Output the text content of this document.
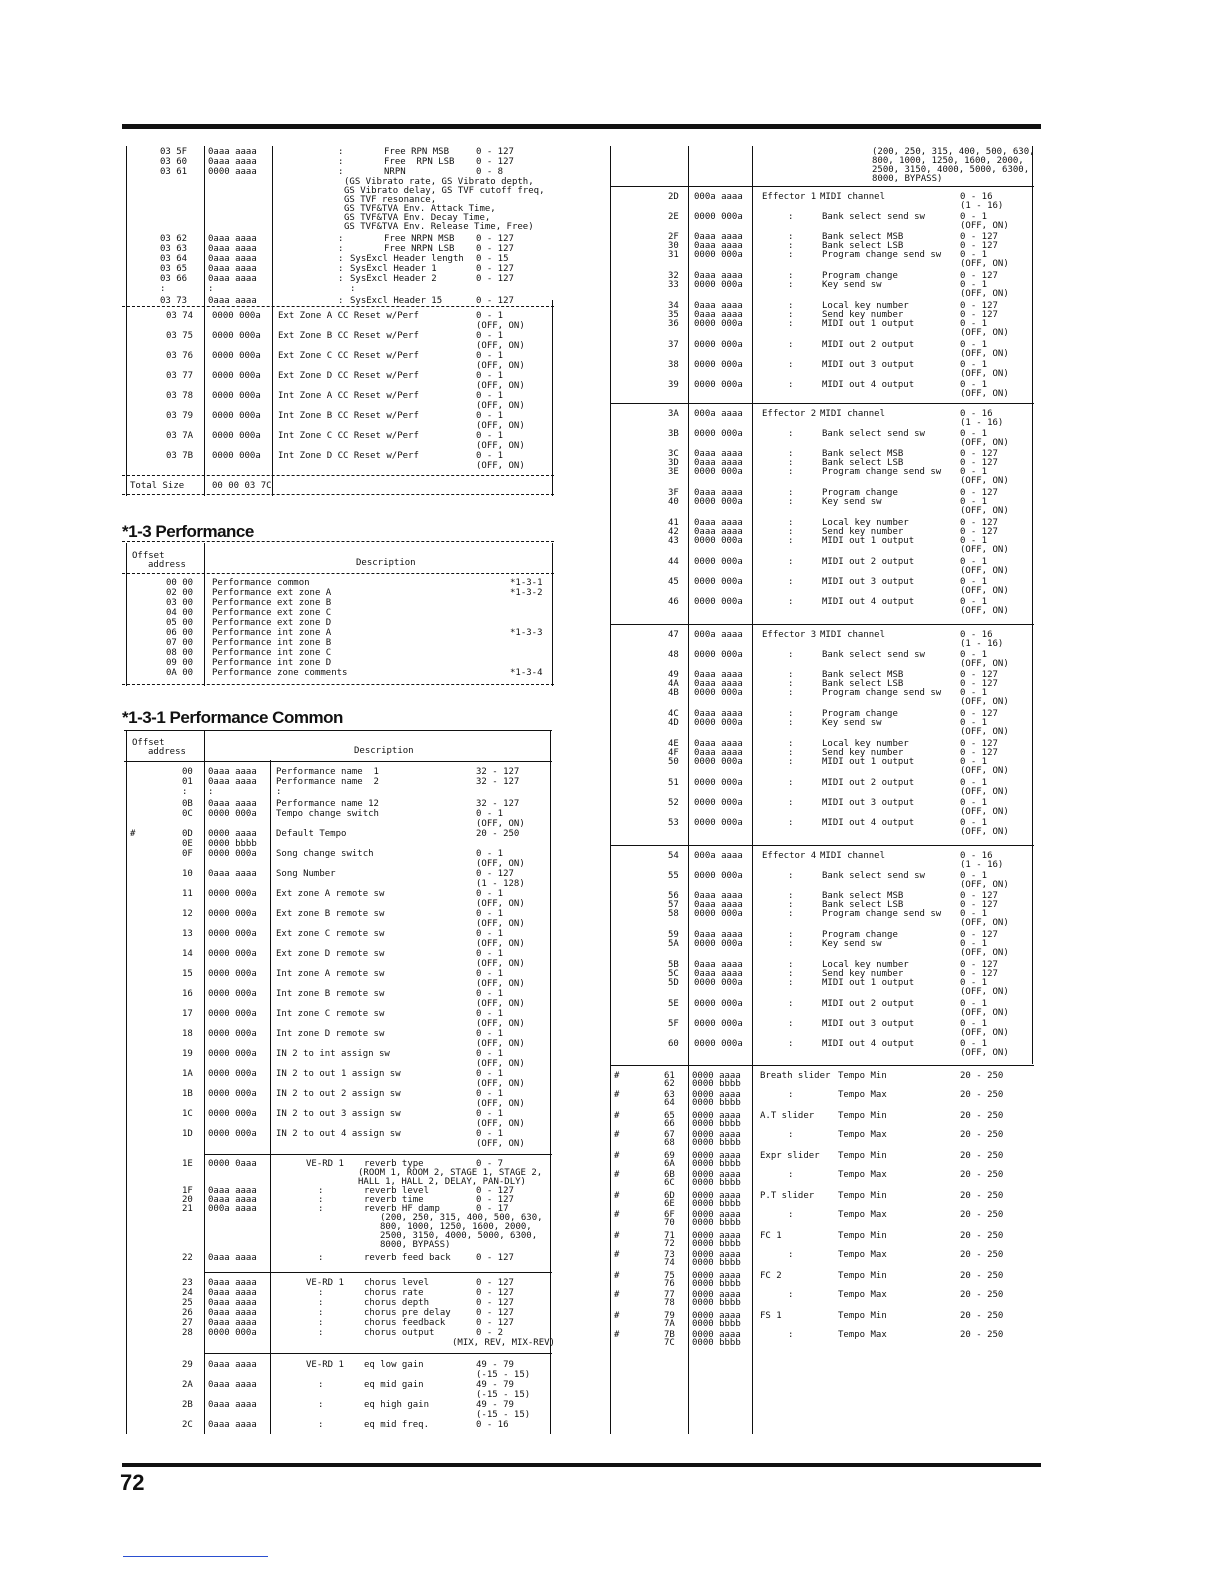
72
03 5F 0aaa aaaa	:	Free RPN MSB	0 - 127
03 60 0aaa aaaa	:	Free  RPN LSB 0 - 127
03 61 0000 aaaa	:	NRPN	0 - 8
(GS Vibrato rate, GS Vibrato depth,
GS Vibrato delay, GS TVF cutoff freq,
GS TVF resonance,
GS TVF&TVA Env. Attack Time,
GS TVF&TVA Env. Decay Time,
GS TVF&TVA Env. Release Time, Free)
03 62 0aaa aaaa	:	Free NRPN MSB 0 - 127
03 63 0aaa aaaa	:	Free NRPN LSB 0 - 127
03 64 0aaa aaaa	: SysExcl Header length 0 - 15
03 65 0aaa aaaa	: SysExcl Header 1	0 - 127
03 66 0aaa aaaa	: SysExcl Header 2	0 - 127
:	:	:
03 73 0aaa aaaa	: SysExcl Header 15	0 - 127
03 74 0000 000a Ext Zone A CC Reset w/Perf	0 - 1
(OFF, ON)
03 75 0000 000a Ext Zone B CC Reset w/Perf	0 - 1
(OFF, ON)
03 76 0000 000a Ext Zone C CC Reset w/Perf	0 - 1
(OFF, ON)
03 77 0000 000a Ext Zone D CC Reset w/Perf	0 - 1
(OFF, ON)
03 78 0000 000a Int Zone A CC Reset w/Perf	0 - 1
(OFF, ON)
03 79 0000 000a Int Zone B CC Reset w/Perf	0 - 1
(OFF, ON)
03 7A 0000 000a Int Zone C CC Reset w/Perf	0 - 1
(OFF, ON)
03 7B 0000 000a Int Zone D CC Reset w/Perf	0 - 1
(OFF, ON)
Total Size	00 00 03 7C
*1-3 Performance
Offset
address	Description
00 00 Performance common	*1-3-1
02 00 Performance ext zone A	*1-3-2
03 00 Performance ext zone B
04 00 Performance ext zone C
05 00 Performance ext zone D
06 00 Performance int zone A	*1-3-3
07 00 Performance int zone B
08 00 Performance int zone C
09 00 Performance int zone D
0A 00 Performance zone comments	*1-3-4
*1-3-1 Performance Common
Offset
address	Description
00 0aaa aaaa Performance name  1	32 - 127
01 0aaa aaaa Performance name  2	32 - 127
: :	:
0B 0aaa aaaa Performance name 12	32 - 127
0C 0000 000a Tempo change switch	0 - 1
(OFF, ON)
#	0D 0000 aaaa Default Tempo	20 - 250
0E 0000 bbbb
0F 0000 000a Song change switch	0 - 1
(OFF, ON)
10 0aaa aaaa Song Number	0 - 127
(1 - 128)
11 0000 000a Ext zone A remote sw	0 - 1
(OFF, ON)
12 0000 000a Ext zone B remote sw	0 - 1
(OFF, ON)
13 0000 000a Ext zone C remote sw	0 - 1
(OFF, ON)
14 0000 000a Ext zone D remote sw	0 - 1
(OFF, ON)
15 0000 000a Int zone A remote sw	0 - 1
(OFF, ON)
16 0000 000a Int zone B remote sw	0 - 1
(OFF, ON)
17 0000 000a Int zone C remote sw	0 - 1
(OFF, ON)
18 0000 000a Int zone D remote sw	0 - 1
(OFF, ON)
19 0000 000a IN 2 to int assign sw	0 - 1
(OFF, ON)
1A 0000 000a IN 2 to out 1 assign sw	0 - 1
(OFF, ON)
1B 0000 000a IN 2 to out 2 assign sw	0 - 1
(OFF, ON)
1C 0000 000a IN 2 to out 3 assign sw	0 - 1
(OFF, ON)
1D 0000 000a IN 2 to out 4 assign sw	0 - 1
(OFF, ON)
1E 0000 0aaa	VE-RD 1 reverb type	0 - 7
(ROOM 1, ROOM 2, STAGE 1, STAGE 2,
HALL 1, HALL 2, DELAY, PAN-DLY)
1F 0aaa aaaa	:	reverb level	0 - 127
20 0aaa aaaa	:	reverb time	0 - 127
21 000a aaaa	:	reverb HF damp	0 - 17
(200, 250, 315, 400, 500, 630,
800, 1000, 1250, 1600, 2000,
2500, 3150, 4000, 5000, 6300,
8000, BYPASS)
22 0aaa aaaa	:	reverb feed back	0 - 127
23 0aaa aaaa	VE-RD 1 chorus level	0 - 127
24 0aaa aaaa	:	chorus rate	0 - 127
25 0aaa aaaa	:	chorus depth	0 - 127
26 0aaa aaaa	:	chorus pre delay	0 - 127
27 0aaa aaaa	:	chorus feedback	0 - 127
28 0000 000a	:	chorus output	0 - 2
(MIX, REV, MIX-REV)
29 0aaa aaaa	VE-RD 1 eq low gain	49 - 79
(-15 - 15)
2A 0aaa aaaa	:	eq mid gain	49 - 79
(-15 - 15)
2B 0aaa aaaa	:	eq high gain	49 - 79
(-15 - 15)
2C 0aaa aaaa	:	eq mid freq.	0 - 16
(200, 250, 315, 400, 500, 630,
800, 1000, 1250, 1600, 2000,
2500, 3150, 4000, 5000, 6300,
8000, BYPASS)
2D 000a aaaa Effector 1 MIDI channel	0 - 16
(1 - 16)
2E 0000 000a	:	Bank select send sw	0 - 1
(OFF, ON)
2F 0aaa aaaa	:	Bank select MSB	0 - 127
30 0aaa aaaa	:	Bank select LSB	0 - 127
31 0000 000a	:	Program change send sw 0 - 1
(OFF, ON)
32 0aaa aaaa	:	Program change	0 - 127
33 0000 000a	:	Key send sw	0 - 1
(OFF, ON)
34 0aaa aaaa	:	Local key number	0 - 127
35 0aaa aaaa	:	Send key number	0 - 127
36 0000 000a	:	MIDI out 1 output	0 - 1
(OFF, ON)
37 0000 000a	:	MIDI out 2 output	0 - 1
(OFF, ON)
38 0000 000a	:	MIDI out 3 output	0 - 1
(OFF, ON)
39 0000 000a	:	MIDI out 4 output	0 - 1
(OFF, ON)
3A 000a aaaa Effector 2 MIDI channel	0 - 16
(1 - 16)
3B 0000 000a	:	Bank select send sw	0 - 1
(OFF, ON)
3C 0aaa aaaa	:	Bank select MSB	0 - 127
3D 0aaa aaaa	:	Bank select LSB	0 - 127
3E 0000 000a	:	Program change send sw 0 - 1
(OFF, ON)
3F 0aaa aaaa	:	Program change	0 - 127
40 0000 000a	:	Key send sw	0 - 1
(OFF, ON)
41 0aaa aaaa	:	Local key number	0 - 127
42 0aaa aaaa	:	Send key number	0 - 127
43 0000 000a	:	MIDI out 1 output	0 - 1
(OFF, ON)
44 0000 000a	:	MIDI out 2 output	0 - 1
(OFF, ON)
45 0000 000a	:	MIDI out 3 output	0 - 1
(OFF, ON)
46 0000 000a	:	MIDI out 4 output	0 - 1
(OFF, ON)
47 000a aaaa Effector 3 MIDI channel	0 - 16
(1 - 16)
48 0000 000a	:	Bank select send sw	0 - 1
(OFF, ON)
49 0aaa aaaa	:	Bank select MSB	0 - 127
4A 0aaa aaaa	:	Bank select LSB	0 - 127
4B 0000 000a	:	Program change send sw 0 - 1
(OFF, ON)
4C 0aaa aaaa	:	Program change	0 - 127
4D 0000 000a	:	Key send sw	0 - 1
(OFF, ON)
4E 0aaa aaaa	:	Local key number	0 - 127
4F 0aaa aaaa	:	Send key number	0 - 127
50 0000 000a	:	MIDI out 1 output	0 - 1
(OFF, ON)
51 0000 000a	:	MIDI out 2 output	0 - 1
(OFF, ON)
52 0000 000a	:	MIDI out 3 output	0 - 1
(OFF, ON)
53 0000 000a	:	MIDI out 4 output	0 - 1
(OFF, ON)
54 000a aaaa Effector 4 MIDI channel	0 - 16
(1 - 16)
55 0000 000a	:	Bank select send sw	0 - 1
(OFF, ON)
56 0aaa aaaa	:	Bank select MSB	0 - 127
57 0aaa aaaa	:	Bank select LSB	0 - 127
58 0000 000a	:	Program change send sw 0 - 1
(OFF, ON)
59 0aaa aaaa	:	Program change	0 - 127
5A 0000 000a	:	Key send sw	0 - 1
(OFF, ON)
5B 0aaa aaaa	:	Local key number	0 - 127
5C 0aaa aaaa	:	Send key number	0 - 127
5D 0000 000a	:	MIDI out 1 output	0 - 1
(OFF, ON)
5E 0000 000a	:	MIDI out 2 output	0 - 1
(OFF, ON)
5F 0000 000a	:	MIDI out 3 output	0 - 1
(OFF, ON)
60 0000 000a	:	MIDI out 4 output	0 - 1
(OFF, ON)
#	61 0000 aaaa Breath slider Tempo Min	20 - 250
62 0000 bbbb
#	63 0000 aaaa	:	Tempo Max	20 - 250
64 0000 bbbb
#	65 0000 aaaa A.T slider	Tempo Min	20 - 250
66 0000 bbbb
#	67 0000 aaaa	:	Tempo Max	20 - 250
68 0000 bbbb
#	69 0000 aaaa Expr slider Tempo Min	20 - 250
6A 0000 bbbb
#	6B 0000 aaaa	:	Tempo Max	20 - 250
6C 0000 bbbb
#	6D 0000 aaaa P.T slider	Tempo Min	20 - 250
6E 0000 bbbb
#	6F 0000 aaaa	:	Tempo Max	20 - 250
70 0000 bbbb
#	71 0000 aaaa FC 1	Tempo Min	20 - 250
72 0000 bbbb
#	73 0000 aaaa	:	Tempo Max	20 - 250
74 0000 bbbb
#	75 0000 aaaa FC 2	Tempo Min	20 - 250
76 0000 bbbb
#	77 0000 aaaa	:	Tempo Max	20 - 250
78 0000 bbbb
#	79 0000 aaaa FS 1	Tempo Min	20 - 250
7A 0000 bbbb
#	7B 0000 aaaa	:	Tempo Max	20 - 250
7C 0000 bbbb
